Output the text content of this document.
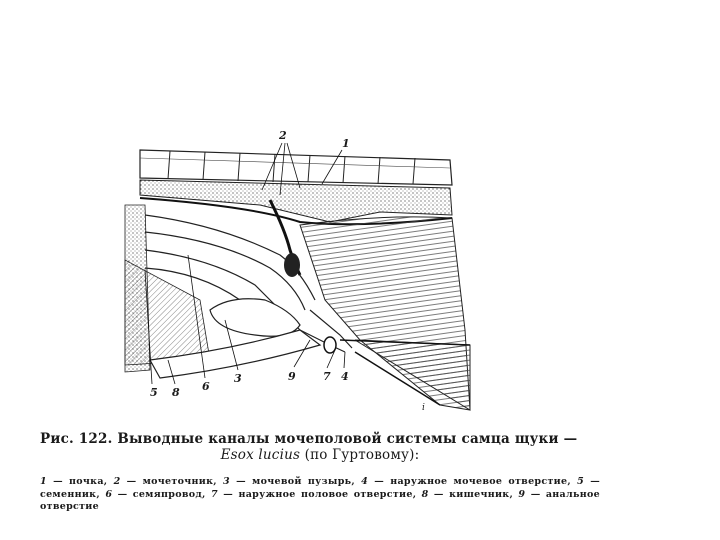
2
1
5 8 6
3	9 7 4
i
Рис. 122. Выводные каналы мочеполовой системы самца щуки —
Esox lucius (по Гуртовому):
1 — почка, 2 — мочеточник, 3 — мочевой пузырь, 4 — наружное мочевое отверстие, 5 — семенник, 6 — семяпровод, 7 — наружное половое отверстие, 8 — кишечник, 9 — анальное отверстие
